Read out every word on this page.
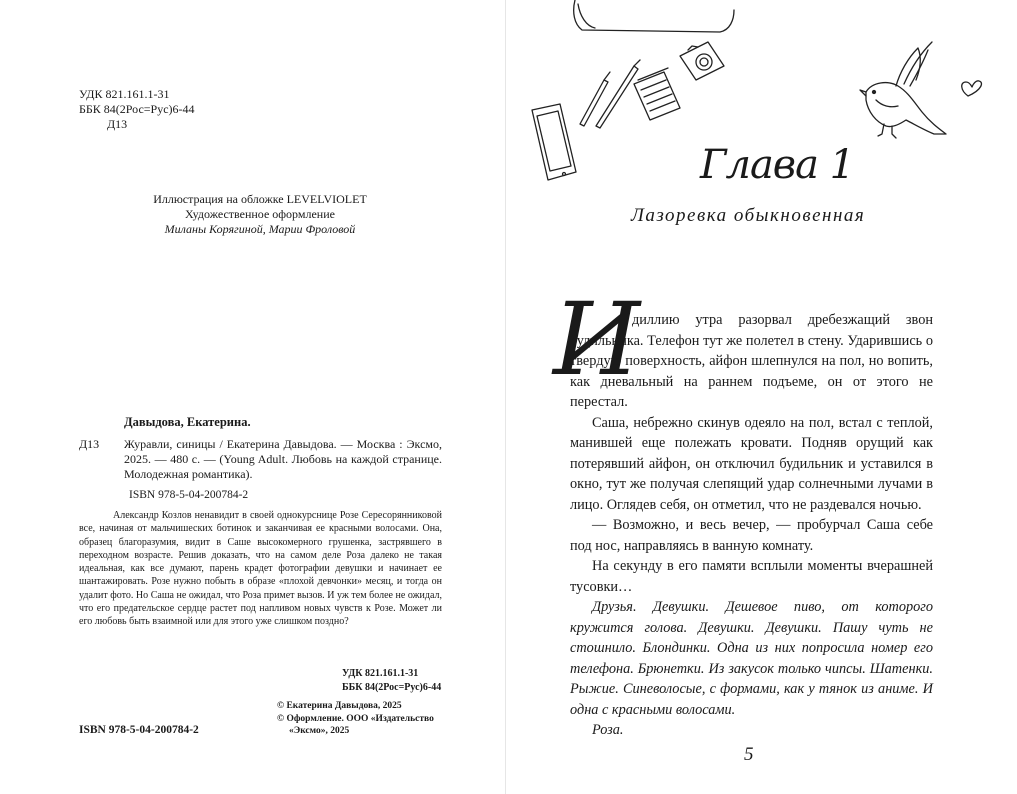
УДК 821.161.1-31
ББК 84(2Рос=Рус)6-44
Д13
Иллюстрация на обложке LEVELVIOLET
Художественное оформление
Миланы Корягиной, Марии Фроловой
Давыдова, Екатерина.
Д13 Журавли, синицы / Екатерина Давыдова. — Москва : Эксмо, 2025. — 480 с. — (Young Adult. Любовь на каждой странице. Молодежная романтика).
ISBN 978-5-04-200784-2
Александр Козлов ненавидит в своей однокурснице Розе Сересорянниковой все, начиная от мальчишеских ботинок и заканчивая ее красными волосами. Она, образец благоразумия, видит в Саше высокомерного грушенка, застрявшего в переходном возрасте. Решив доказать, что на самом деле Роза далеко не такая идеальная, как все думают, парень крадет фотографии девушки и начинает ее шантажировать. Розе нужно побыть в образе «плохой девчонки» месяц, и тогда он удалит фото. Но Саша не ожидал, что Роза примет вызов. И уж тем более не ожидал, что его предательское сердце растет под напливом новых чувств к Розе. Может ли его любовь быть взаимной или для этого уже слишком поздно?
УДК 821.161.1-31
ББК 84(2Рос=Рус)6-44
ISBN 978-5-04-200784-2
© Екатерина Давыдова, 2025
© Оформление. ООО «Издательство
«Эксмо», 2025
Глава 1
Лазоревка обыкновенная
И

диллию утра разорвал дребезжащий звон будильника. Телефон тут же полетел в стену. Ударившись о твердую поверхность, айфон шлепнулся на пол, но вопить, как дневальный на раннем подъеме, он от этого не перестал.

Саша, небрежно скинув одеяло на пол, встал с теплой, манившей еще полежать кровати. Подняв орущий как потерявший айфон, он отключил будильник и уставился в окно, тут же получая слепящий удар солнечными лучами в лицо. Оглядев себя, он отметил, что не раздевался ночью.

— Возможно, и весь вечер, — пробурчал Саша себе под нос, направляясь в ванную комнату.

На секунду в его памяти всплыли моменты вчерашней тусовки…

Друзья. Девушки. Дешевое пиво, от которого кружится голова. Девушки. Девушки. Пашу чуть не стошнило. Блондинки. Одна из них попросила номер его телефона. Брюнетки. Из закусок только чипсы. Шатенки. Рыжие. Синеволосые, с формами, как у тянок из аниме. И одна с красными волосами.

Роза.

5
